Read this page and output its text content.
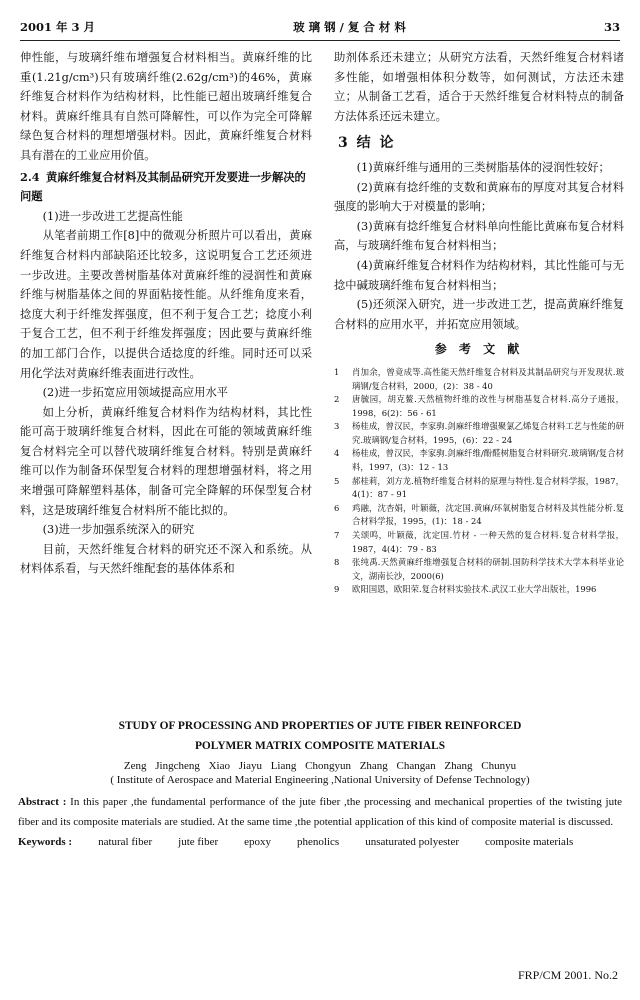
2001 年 3 月	玻 璃 钢 / 复 合 材 料	33

伸性能，与玻璃纤维布增强复合材料相当。黄麻纤维的比重(1.21g/cm³)只有玻璃纤维(2.62g/cm³)的46%，黄麻纤维复合材料作为结构材料，比性能已超出玻璃纤维复合材料。黄麻纤维具有自然可降解性，可以作为完全可降解绿色复合材料的理想增强材料。因此，黄麻纤维复合材料具有潜在的工业应用价值。

2.4 黄麻纤维复合材料及其制品研究开发要进一步解决的问题

(1)进一步改进工艺提高性能

从笔者前期工作[8]中的微观分析照片可以看出，黄麻纤维复合材料内部缺陷还比较多，这说明复合工艺还须进一步改进。主要改善树脂基体对黄麻纤维的浸润性和黄麻纤维与树脂基体之间的界面粘接性能。从纤维角度来看，捻度大利于纤维发挥强度，但不利于复合工艺；捻度小利于复合工艺，但不利于纤维发挥强度；因此要与黄麻纤维的加工部门合作，以提供合适捻度的纤维。同时还可以采用化学法对黄麻纤维表面进行改性。

(2)进一步拓宽应用领域提高应用水平

如上分析，黄麻纤维复合材料作为结构材料，其比性能可高于玻璃纤维复合材料，因此在可能的领域黄麻纤维复合材料完全可以替代玻璃纤维复合材料。特别是黄麻纤维可以作为制备环保型复合材料的理想增强材料，将之用来增强可降解塑料基体，制备可完全降解的环保型复合材料，这是玻璃纤维复合材料所不能比拟的。

(3)进一步加强系统深入的研究

目前，天然纤维复合材料的研究还不深入和系统。从材料体系看，与天然纤维配套的基体体系和

助剂体系还未建立；从研究方法看，天然纤维复合材料诸多性能，如增强相体积分数等，如何测试，方法还未建立；从制备工艺看，适合于天然纤维复合材料特点的制备方法体系还远未建立。

3 结 论

(1)黄麻纤维与通用的三类树脂基体的浸润性较好；

(2)黄麻有捻纤维的支数和黄麻布的厚度对其复合材料强度的影响大于对模量的影响；

(3)黄麻有捻纤维复合材料单向性能比黄麻布复合材料高，与玻璃纤维布复合材料相当；

(4)黄麻纤维复合材料作为结构材料，其比性能可与无捻中碱玻璃纤维布复合材料相当；

(5)还须深入研究，进一步改进工艺，提高黄麻纤维复合材料的应用水平，并拓宽应用领域。

参 考 文 献
1	肖加余，曾竟成等.高性能天然纤维复合材料及其制品研究与开发现状.玻璃钢/复合材料，2000，(2)：38 - 40
2	唐毓园，胡克鳌.天然植物纤维的改性与树脂基复合材料.高分子通报，1998，6(2)：56 - 61
3	杨桂成，曾汉民，李家驹.剑麻纤维增强聚氯乙烯复合材料工艺与性能的研究.玻璃钢/复合材料，1995，(6)：22 - 24
4	杨桂成，曾汉民，李家驹.剑麻纤维/酚醛树脂复合材料研究.玻璃钢/复合材料，1997，(3)：12 - 13
5	郝桂莉，刘方龙.植物纤维复合材料的原理与特性.复合材料学报，1987，4(1)：87 - 91
6	鸡融，沈杏娟，叶颖薇，沈定国.黄麻/环氧树脂复合材料及其性能分析.复合材料学报，1995，(1)：18 - 24
7	关颂鸣，叶颖薇，沈定国.竹材 - 一种天然的复合材料.复合材料学报，1987，4(4)：79 - 83
8	张纯禹.天然黄麻纤维增强复合材料的研制.国防科学技术大学本科毕业论文，湖南长沙，2000(6)
9	欧阳国恩，欧阳荣.复合材料实验技术.武汉工业大学出版社，1996
STUDY OF PROCESSING AND PROPERTIES OF JUTE FIBER REINFORCED
POLYMER MATRIX COMPOSITE MATERIALS
Zeng Jingcheng Xiao Jiayu Liang Chongyun Zhang Changan Zhang Chunyu
( Institute of Aerospace and Material Engineering ,National University of Defense Technology)
Abstract : In this paper ,the fundamental performance of the jute fiber ,the processing and mechanical properties of the twisting jute fiber and its composite materials are studied. At the same time ,the potential application of this kind of composite material is discussed.
Keywords : natural fiber jute fiber epoxy phenolics unsaturated polyester composite materials
FRP/CM 2001. No.2
